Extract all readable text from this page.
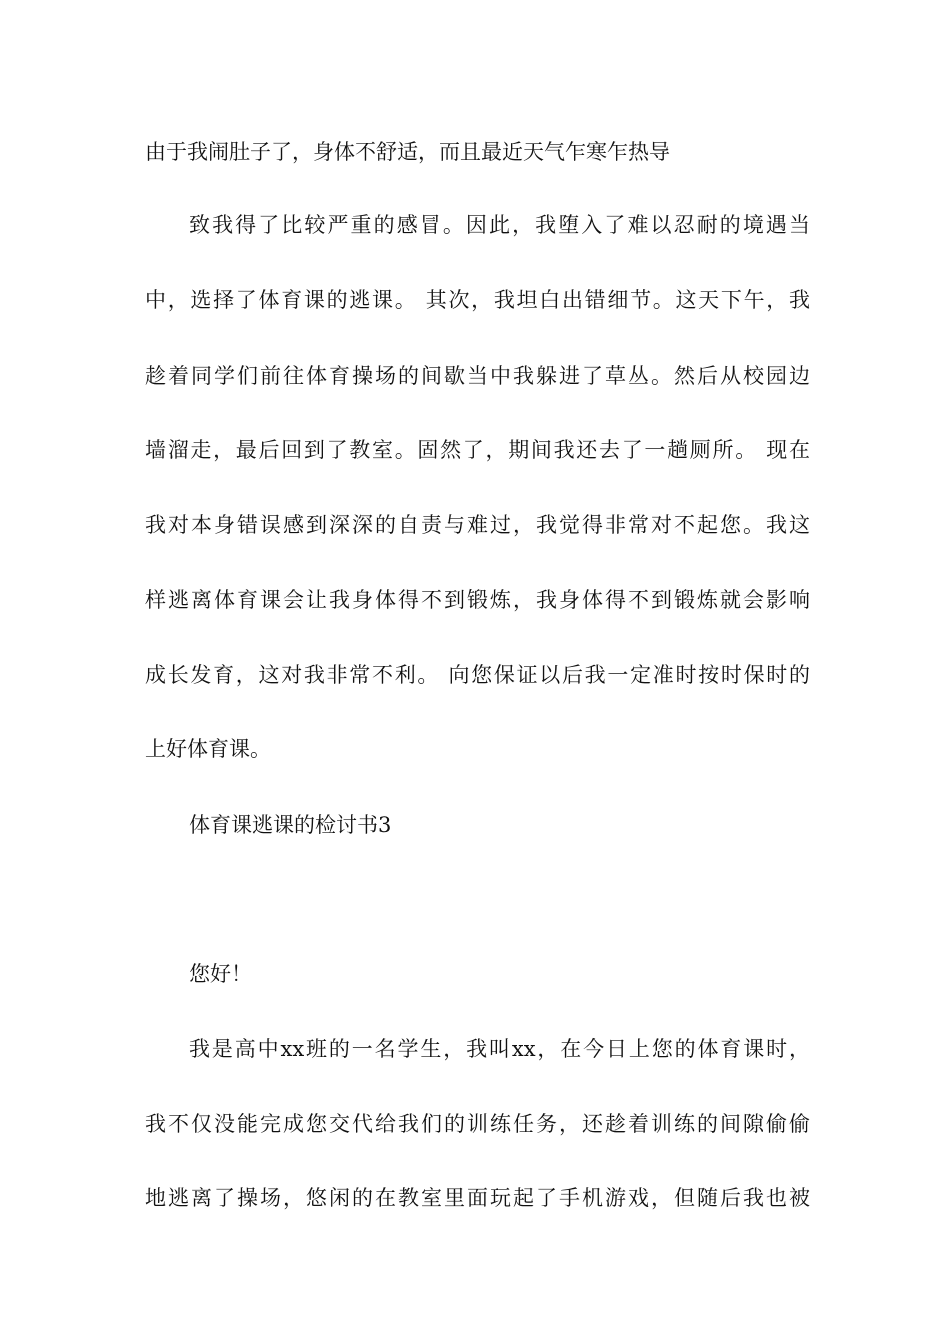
由于我闹肚子了，身体不舒适，而且最近天气乍寒乍热导
致我得了比较严重的感冒。因此，我堕入了难以忍耐的境遇当
中，选择了体育课的逃课。 其次，我坦白出错细节。这天下午，我
趁着同学们前往体育操场的间歇当中我躲进了草丛。然后从校园边
墙溜走，最后回到了教室。固然了，期间我还去了一趟厕所。 现在
我对本身错误感到深深的自责与难过，我觉得非常对不起您。我这
样逃离体育课会让我身体得不到锻炼，我身体得不到锻炼就会影响
成长发育，这对我非常不利。 向您保证以后我一定准时按时保时的
上好体育课。
体育课逃课的检讨书3
您好！
我是高中xx班的一名学生，我叫xx，在今日上您的体育课时，
我不仅没能完成您交代给我们的训练任务，还趁着训练的间隙偷偷
地逃离了操场，悠闲的在教室里面玩起了手机游戏，但随后我也被
